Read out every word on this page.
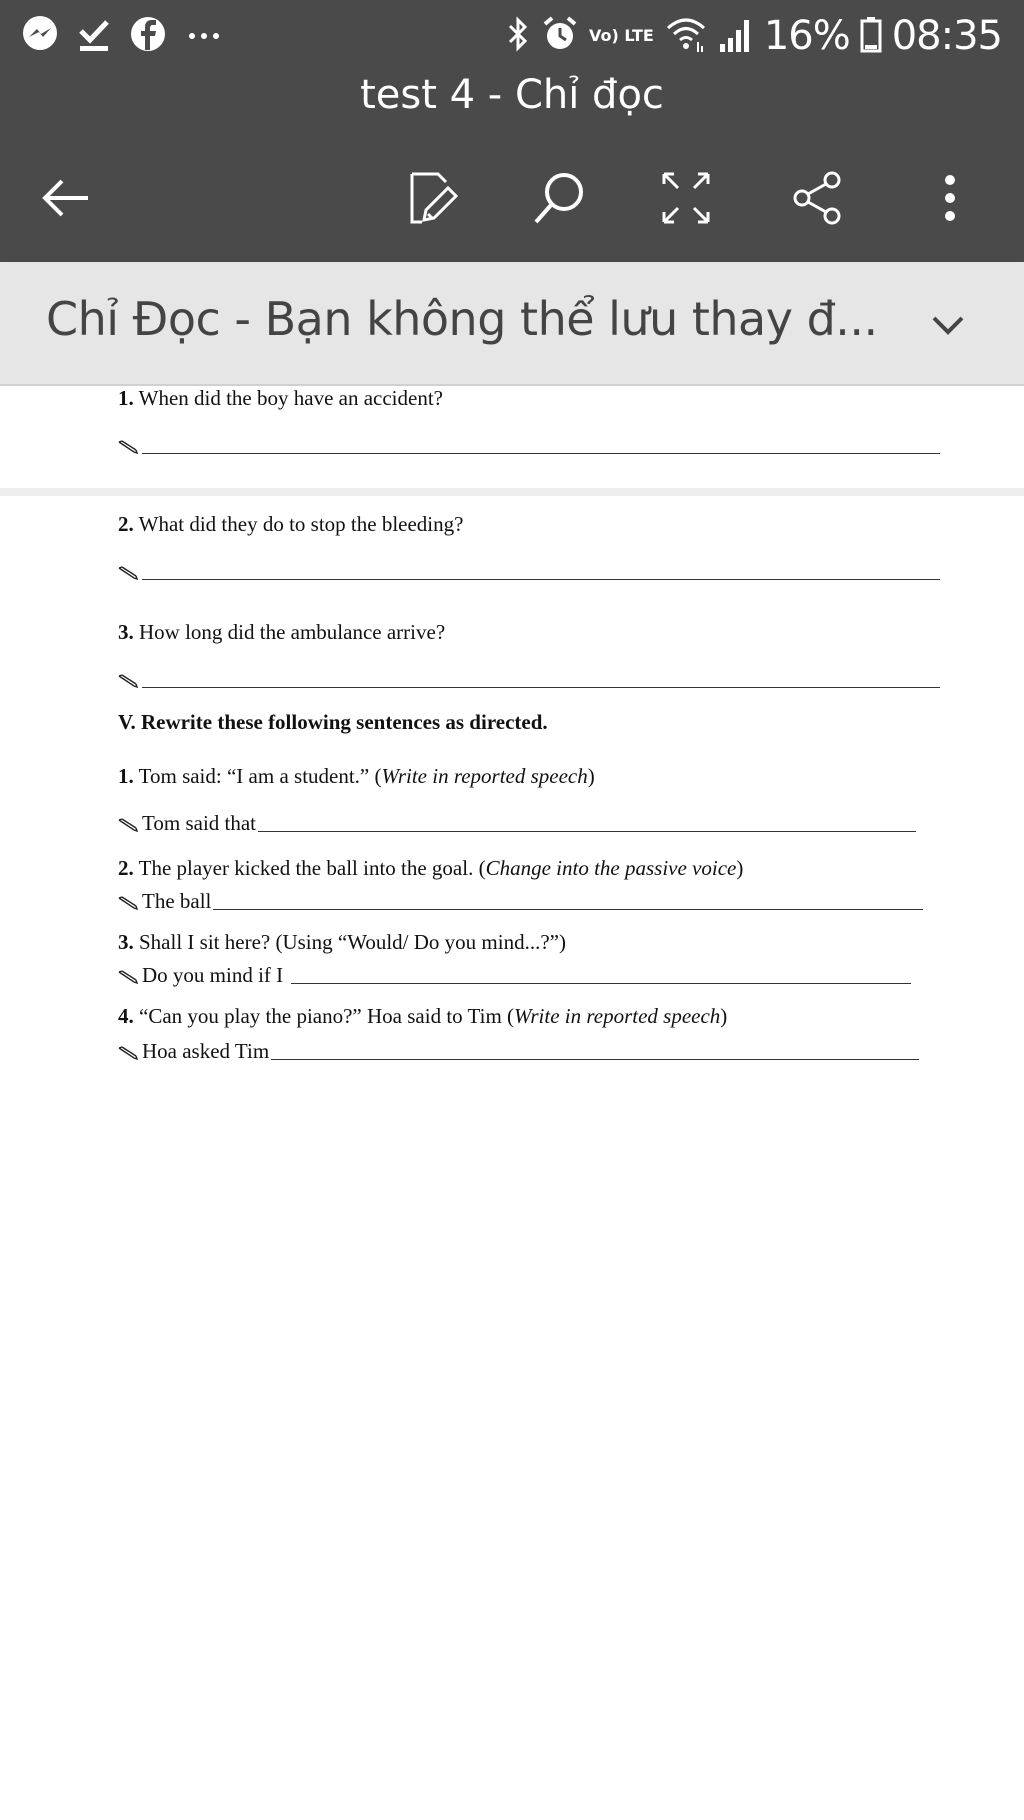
Vo) LTE	16% 08:35
test 4 - Chỉ đọc
Chỉ Đọc - Bạn không thể lưu thay đ...
1. When did the boy have an accident?
2. What did they do to stop the bleeding?
3. How long did the ambulance arrive?
V. Rewrite these following sentences as directed.
1. Tom said: “I am a student.” (Write in reported speech)
Tom said that
2. The player kicked the ball into the goal. (Change into the passive voice)
The ball
3. Shall I sit here? (Using “Would/ Do you mind...?”)
Do you mind if I
4. “Can you play the piano?” Hoa said to Tim (Write in reported speech)
Hoa asked Tim
